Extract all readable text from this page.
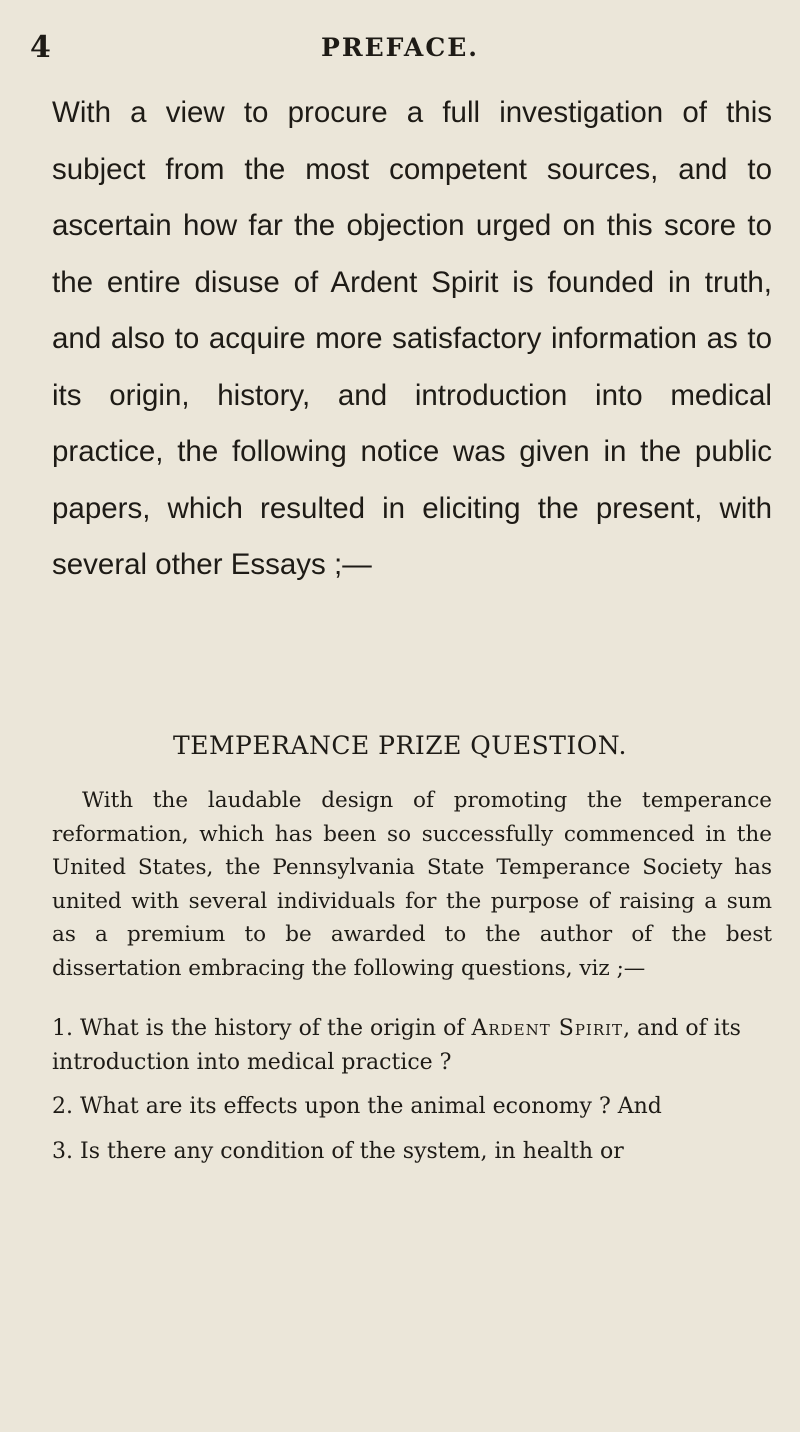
4	PREFACE.

With a view to procure a full investigation of this subject from the most competent sources, and to ascertain how far the objection urged on this score to the entire disuse of Ardent Spirit is founded in truth, and also to acquire more satisfactory information as to its origin, history, and introduction into medical practice, the following notice was given in the public papers, which resulted in eliciting the present, with several other Essays ;—

TEMPERANCE PRIZE QUESTION.

With the laudable design of promoting the temperance reformation, which has been so successfully commenced in the United States, the Pennsylvania State Temperance Society has united with several individuals for the purpose of raising a sum as a premium to be awarded to the author of the best dissertation embracing the following questions, viz ;—

1. What is the history of the origin of Ardent Spirit, and of its introduction into medical practice ?
2. What are its effects upon the animal economy ? And
3. Is there any condition of the system, in health or
